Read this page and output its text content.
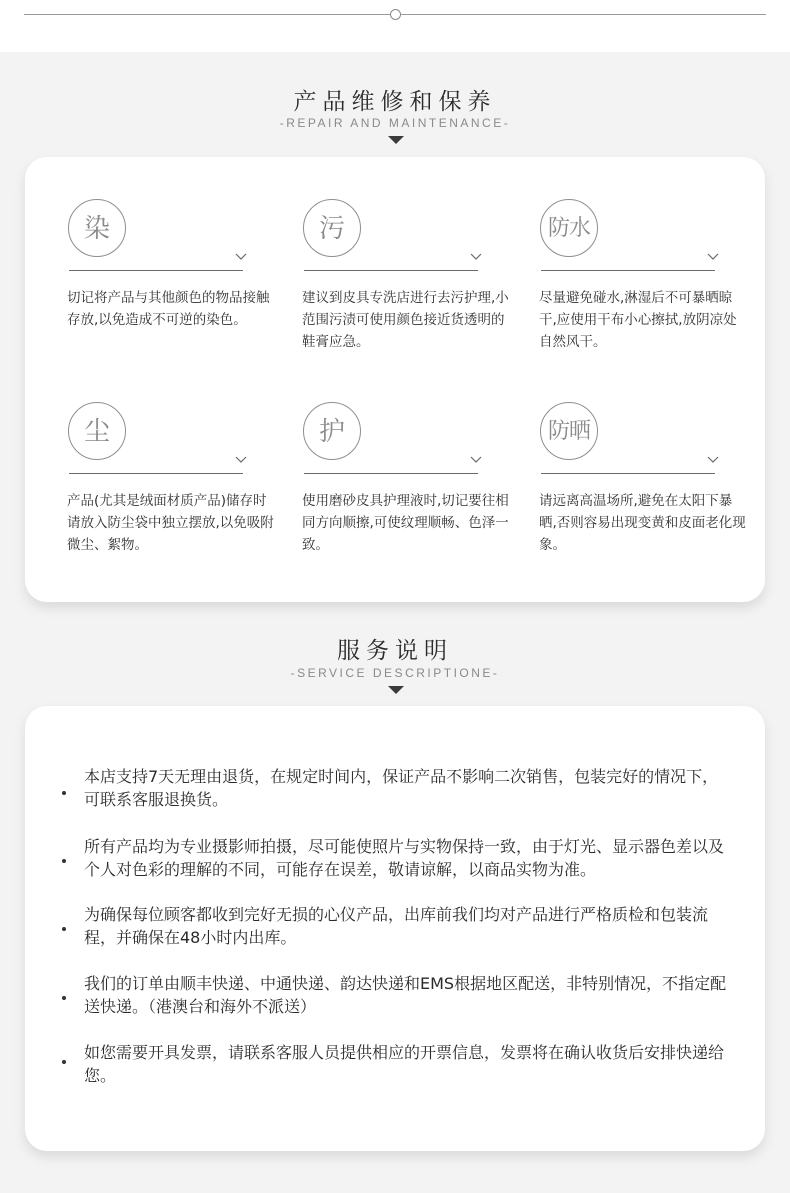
产品维修和保养
-REPAIR AND MAINTENANCE-
染

切记将产品与其他颜色的物品接触存放,以免造成不可逆的染色。

污

建议到皮具专洗店进行去污护理,小范围污渍可使用颜色接近货透明的鞋膏应急。

防水

尽量避免碰水,淋湿后不可暴晒晾干,应使用干布小心擦拭,放阴凉处自然风干。

尘

产品(尤其是绒面材质产品)储存时请放入防尘袋中独立摆放,以免吸附微尘、絮物。

护

使用磨砂皮具护理液时,切记要往相同方向顺擦,可使纹理顺畅、色泽一致。

防晒

请远离高温场所,避免在太阳下暴晒,否则容易出现变黄和皮面老化现象。

服务说明
-SERVICE DESCRIPTIONE-

本店支持7天无理由退货，在规定时间内，保证产品不影响二次销售，包装完好的情况下，可联系客服退换货。

所有产品均为专业摄影师拍摄，尽可能使照片与实物保持一致，由于灯光、显示器色差以及个人对色彩的理解的不同，可能存在误差，敬请谅解，以商品实物为准。

为确保每位顾客都收到完好无损的心仪产品，出库前我们均对产品进行严格质检和包装流程，并确保在48小时内出库。

我们的订单由顺丰快递、中通快递、韵达快递和EMS根据地区配送，非特别情况，不指定配送快递。（港澳台和海外不派送）

如您需要开具发票，请联系客服人员提供相应的开票信息，发票将在确认收货后安排快递给您。
